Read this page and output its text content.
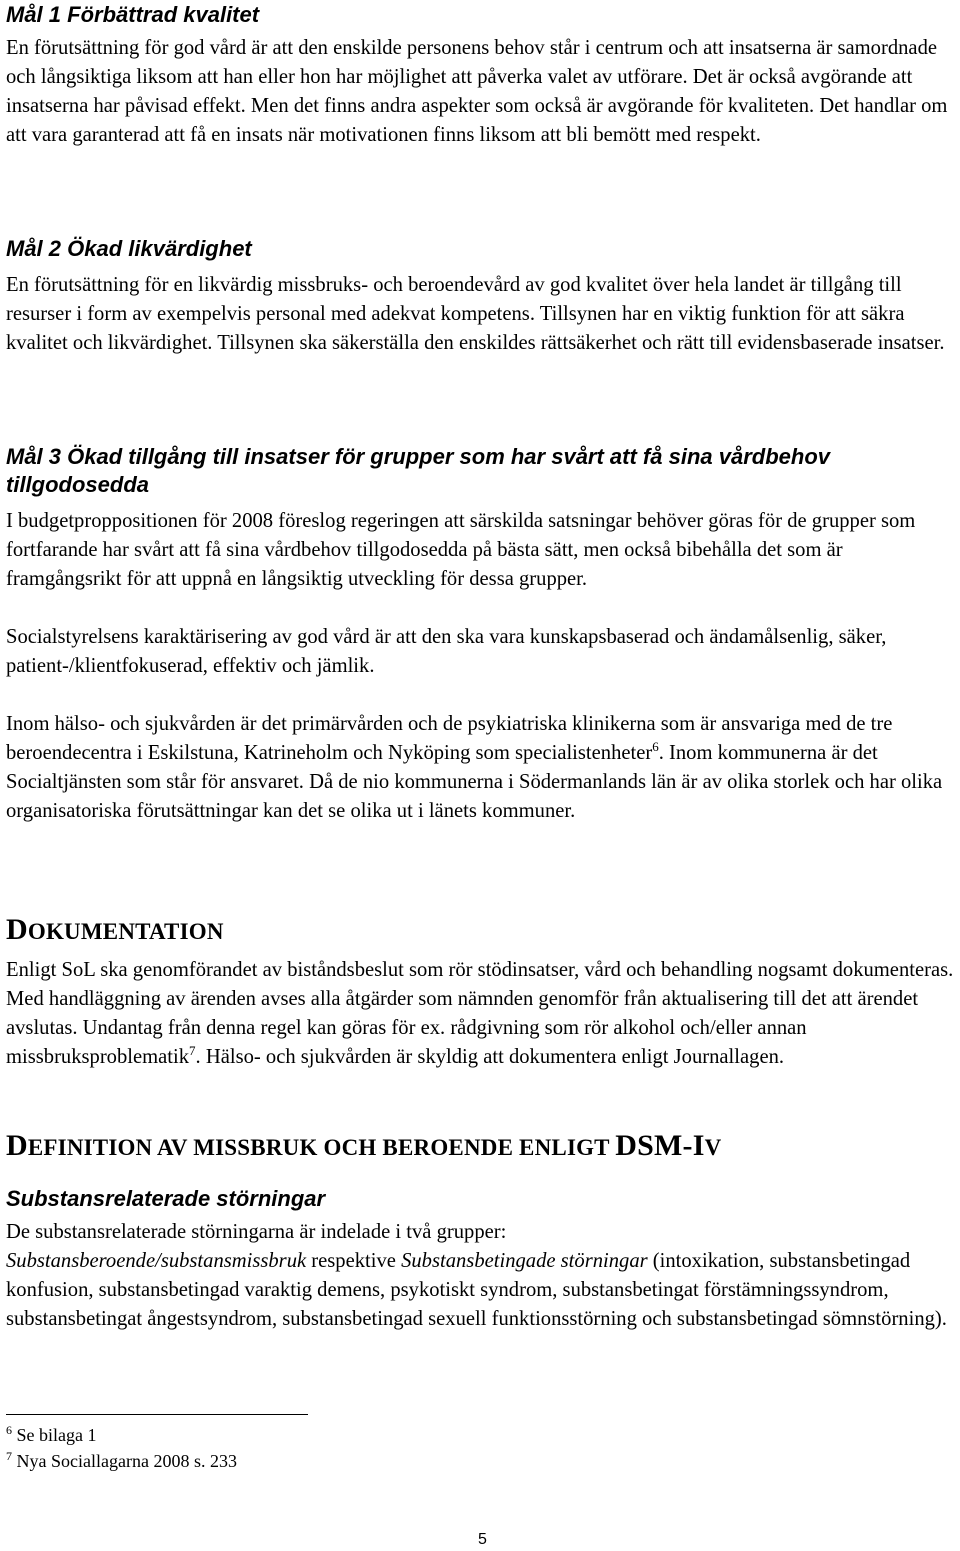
Mål 1 Förbättrad kvalitet

En förutsättning för god vård är att den enskilde personens behov står i centrum och att insatserna är samordnade och långsiktiga liksom att han eller hon har möjlighet att påverka valet av utförare. Det är också avgörande att insatserna har påvisad effekt. Men det finns andra aspekter som också är avgörande för kvaliteten. Det handlar om att vara garanterad att få en insats när motivationen finns liksom att bli bemött med respekt.

Mål 2 Ökad likvärdighet

En förutsättning för en likvärdig missbruks- och beroendevård av god kvalitet över hela landet är tillgång till resurser i form av exempelvis personal med adekvat kompetens. Tillsynen har en viktig funktion för att säkra kvalitet och likvärdighet. Tillsynen ska säkerställa den enskildes rättsäkerhet och rätt till evidensbaserade insatser.

Mål 3 Ökad tillgång till insatser för grupper som har svårt att få sina vårdbehov tillgodosedda

I budgetproppositionen för 2008 föreslog regeringen att särskilda satsningar behöver göras för de grupper som fortfarande har svårt att få sina vårdbehov tillgodosedda på bästa sätt, men också bibehålla det som är framgångsrikt för att uppnå en långsiktig utveckling för dessa grupper.

Socialstyrelsens karaktärisering av god vård är att den ska vara kunskapsbaserad och ändamålsenlig, säker, patient-/klientfokuserad, effektiv och jämlik.

Inom hälso- och sjukvården är det primärvården och de psykiatriska klinikerna som är ansvariga med de tre beroendecentra i Eskilstuna, Katrineholm och Nyköping som specialistenheter$^6$. Inom kommunerna är det Socialtjänsten som står för ansvaret. Då de nio kommunerna i Södermanlands län är av olika storlek och har olika organisatoriska förutsättningar kan det se olika ut i länets kommuner.

DOKUMENTATION

Enligt SoL ska genomförandet av biståndsbeslut som rör stödinsatser, vård och behandling nogsamt dokumenteras. Med handläggning av ärenden avses alla åtgärder som nämnden genomför från aktualisering till det att ärendet avslutas. Undantag från denna regel kan göras för ex. rådgivning som rör alkohol och/eller annan missbruksproblematik$^7$. Hälso- och sjukvården är skyldig att dokumentera enligt Journallagen.

DEFINITION AV MISSBRUK OCH BEROENDE ENLIGT DSM-IV
Substansrelaterade störningar

De substansrelaterade störningarna är indelade i två grupper:
Substansberoende/substansmissbruk respektive Substansbetingade störningar (intoxikation, substansbetingad konfusion, substansbetingad varaktig demens, psykotiskt syndrom, substansbetingat förstämningssyndrom, substansbetingat ångestsyndrom, substansbetingad sexuell funktionsstörning och substansbetingad sömnstörning).

$^6$ Se bilaga 1
$^7$ Nya Sociallagarna 2008 s. 233
5
